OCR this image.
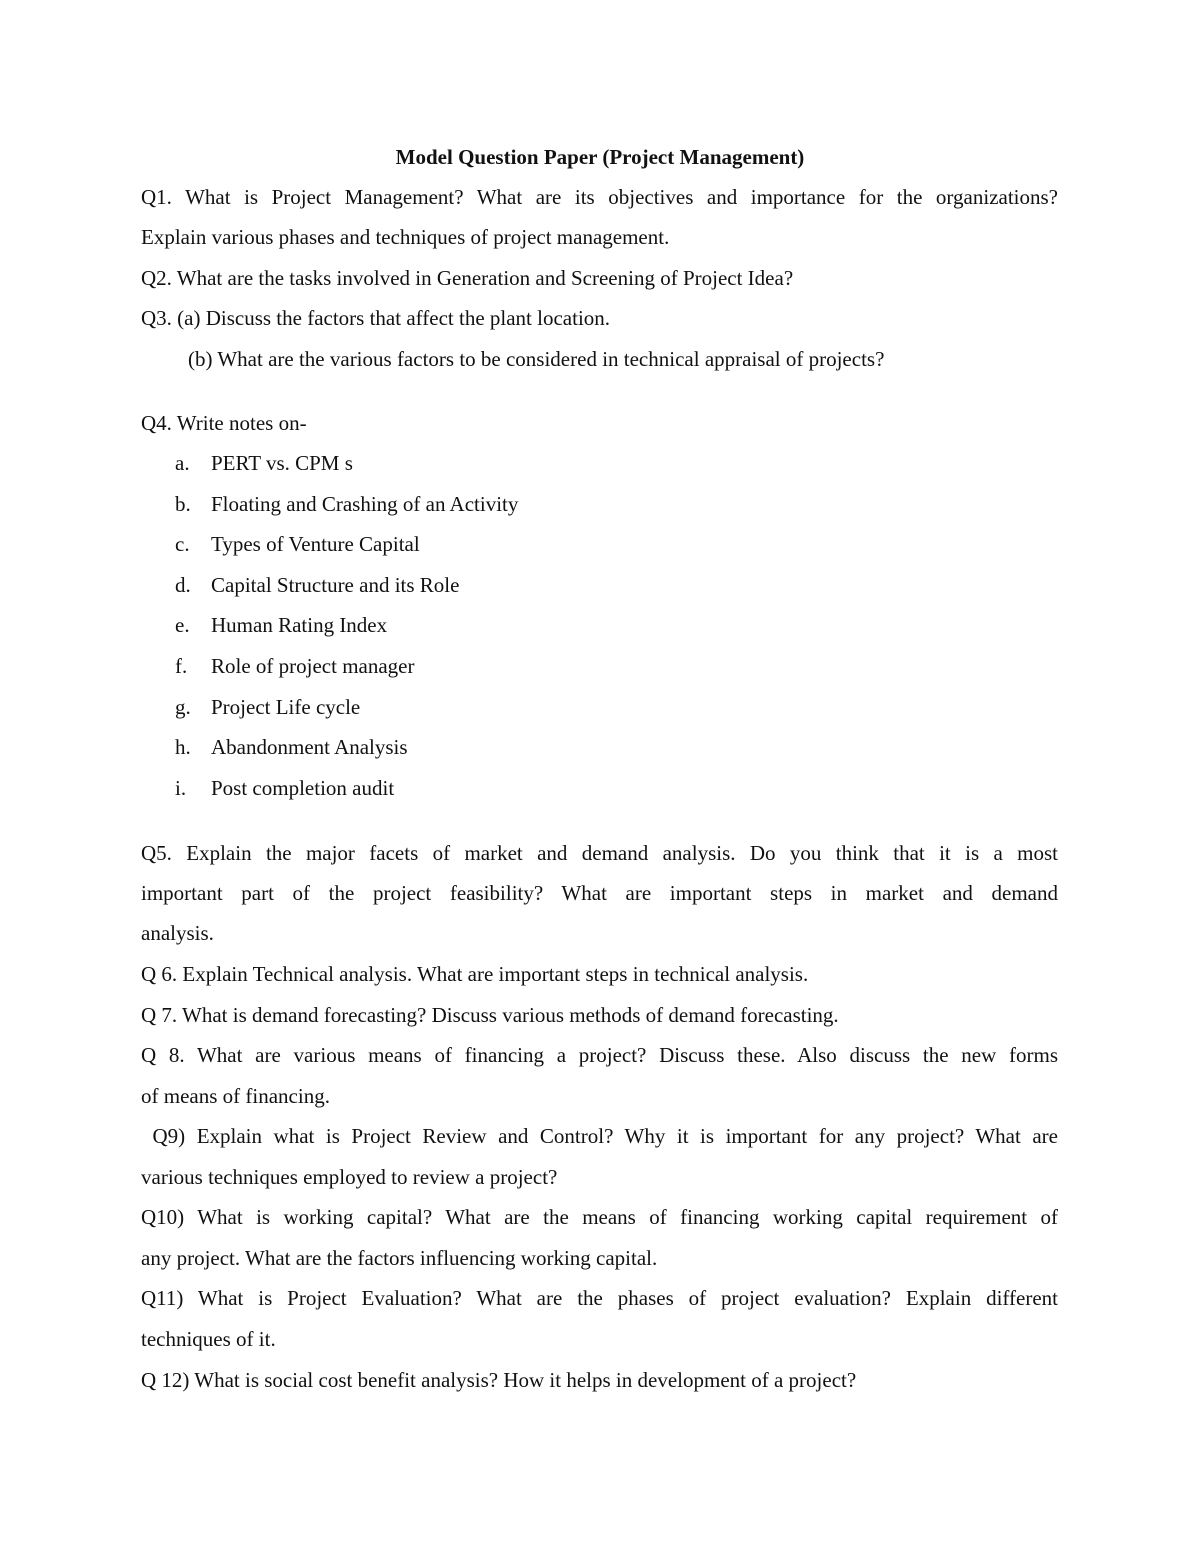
Model Question Paper (Project Management)
Q1. What is Project Management? What are its objectives and importance for the organizations?
Explain various phases and techniques of project management.
Q2. What are the tasks involved in Generation and Screening of Project Idea?
Q3. (a) Discuss the factors that affect the plant location.
(b) What are the various factors to be considered in technical appraisal of projects?
Q4. Write notes on-
a. PERT vs. CPM s
b. Floating and Crashing of an Activity
c. Types of Venture Capital
d. Capital Structure and its Role
e. Human Rating Index
f. Role of project manager
g. Project Life cycle
h. Abandonment Analysis
i. Post completion audit
Q5. Explain the major facets of market and demand analysis. Do you think that it is a most
important part of the project feasibility? What are important steps in market and demand
analysis.
Q 6. Explain Technical analysis. What are important steps in technical analysis.
Q 7. What is demand forecasting? Discuss various methods of demand forecasting.
Q 8. What are various means of financing a project? Discuss these. Also discuss the new forms
of means of financing.
Q9) Explain what is Project Review and Control? Why it is important for any project? What are
various techniques employed to review a project?
Q10) What is working capital? What are the means of financing working capital requirement of
any project. What are the factors influencing working capital.
Q11) What is Project Evaluation? What are the phases of project evaluation? Explain different
techniques of it.
Q 12) What is social cost benefit analysis? How it helps in development of a project?
